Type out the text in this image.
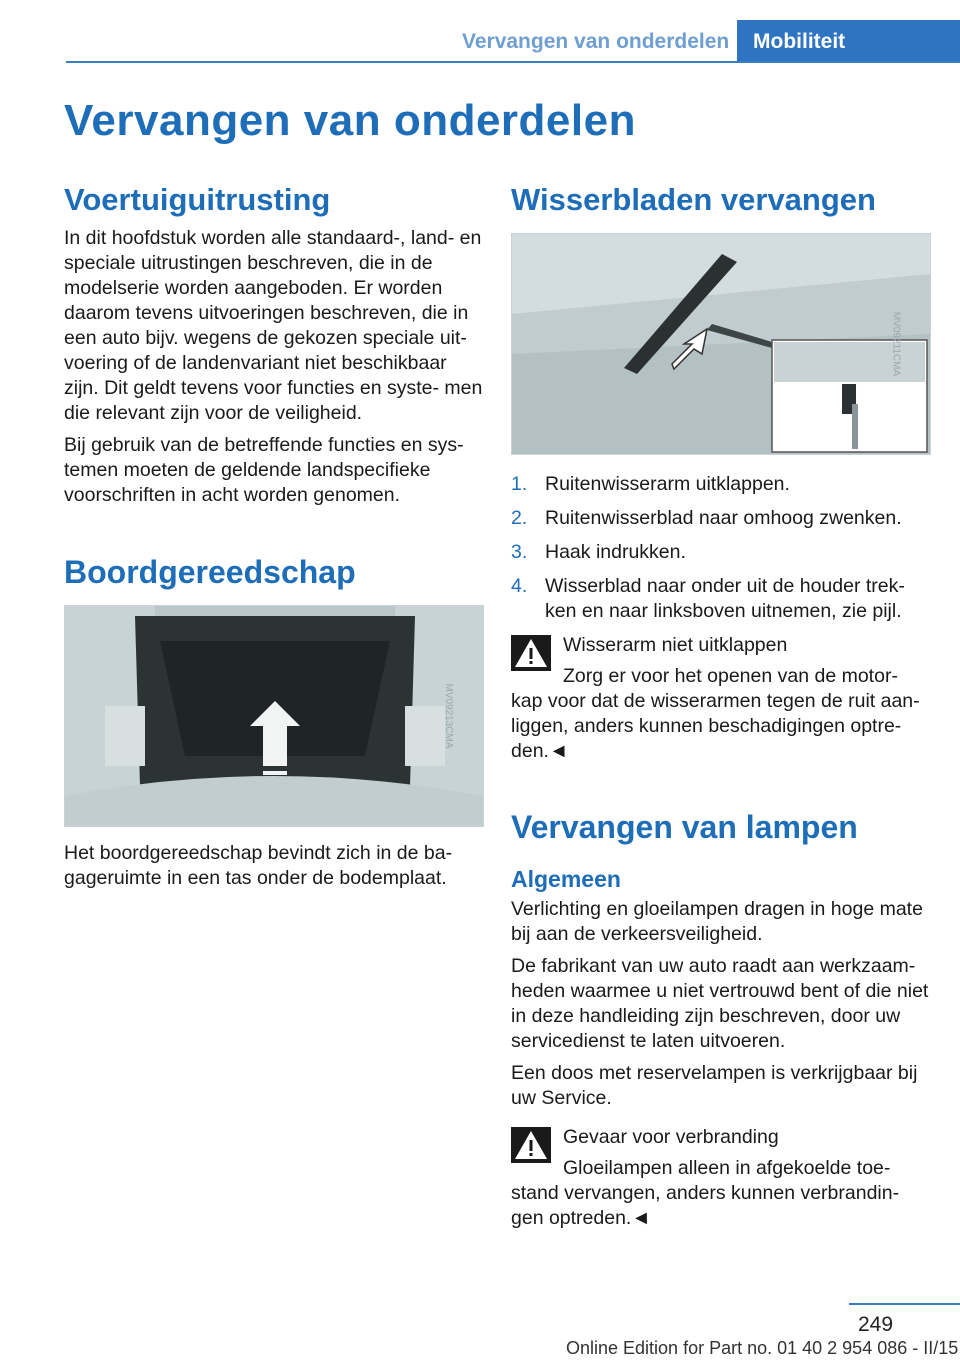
Vervangen van onderdelen	Mobiliteit
Vervangen van onderdelen
Voertuiguitrusting

In dit hoofdstuk worden alle standaard-, land- en speciale uitrustingen beschreven, die in de modelserie worden aangeboden. Er worden daarom tevens uitvoeringen beschreven, die in een auto bijv. wegens de gekozen speciale uit- voering of de landenvariant niet beschikbaar zijn. Dit geldt tevens voor functies en syste- men die relevant zijn voor de veiligheid.

Bij gebruik van de betreffende functies en sys- temen moeten de geldende landspecifieke voorschriften in acht worden genomen.

Boordgereedschap
MV09213CMA

Het boordgereedschap bevindt zich in de ba- gageruimte in een tas onder de bodemplaat.

Wisserbladen vervangen
MV09211CMA
1. Ruitenwisserarm uitklappen.
2. Ruitenwisserblad naar omhoog zwenken.
3. Haak indrukken.
4. Wisserblad naar onder uit de houder trek- ken en naar linksboven uitnemen, zie pijl.

Wisserarm niet uitklappen

Zorg er voor het openen van de motor-

kap voor dat de wisserarmen tegen de ruit aan- liggen, anders kunnen beschadigingen optre- den.◄

Vervangen van lampen
Algemeen

Verlichting en gloeilampen dragen in hoge mate bij aan de verkeersveiligheid.

De fabrikant van uw auto raadt aan werkzaam- heden waarmee u niet vertrouwd bent of die niet in deze handleiding zijn beschreven, door uw servicedienst te laten uitvoeren.

Een doos met reservelampen is verkrijgbaar bij uw Service.

Gevaar voor verbranding

Gloeilampen alleen in afgekoelde toe-

stand vervangen, anders kunnen verbrandin- gen optreden.◄

249
Online Edition for Part no. 01 40 2 954 086 - II/15
